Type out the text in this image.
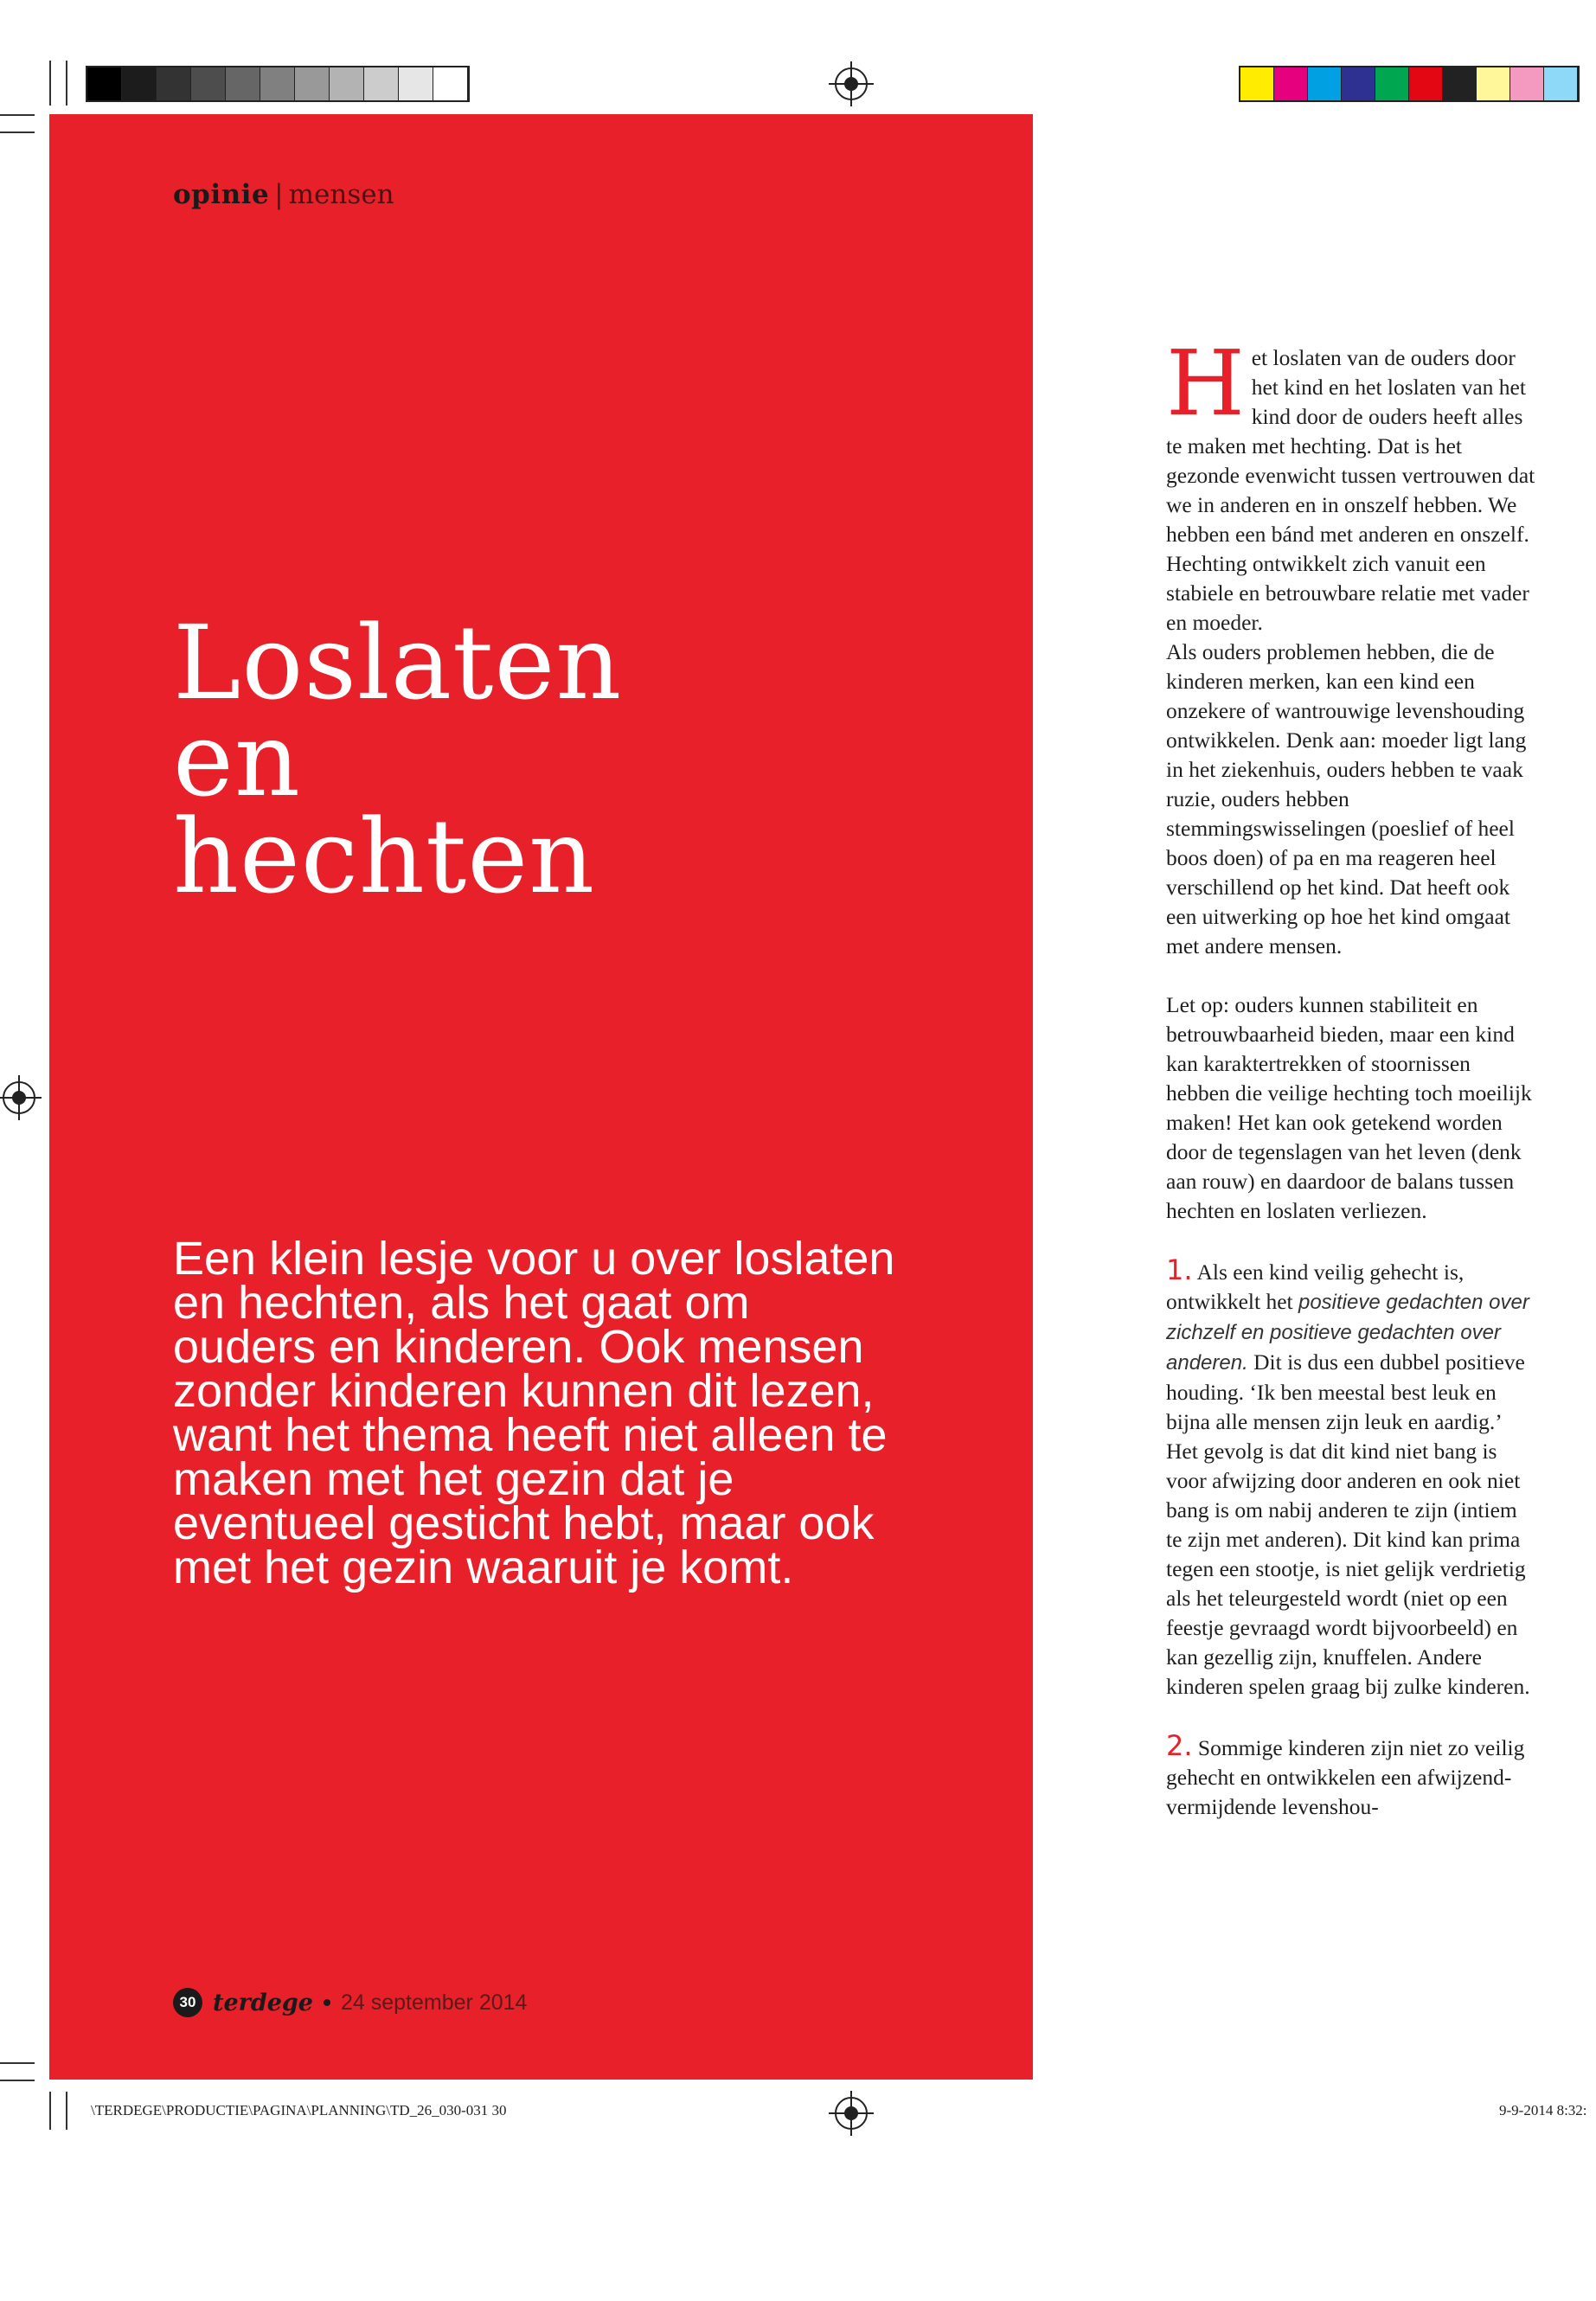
opinie | mensen
Loslaten
en
hechten
Een klein lesje voor u over loslaten en hechten, als het gaat om ouders en kinderen. Ook mensen zonder kinderen kunnen dit lezen, want het thema heeft niet alleen te maken met het gezin dat je eventueel gesticht hebt, maar ook met het gezin waaruit je komt.
30 terdege 24 september 2014

Het loslaten van de ouders door het kind en het loslaten van het kind door de ouders heeft alles te maken met hechting. Dat is het gezonde evenwicht tussen vertrouwen dat we in anderen en in onszelf hebben. We hebben een bánd met anderen en onszelf. Hechting ontwikkelt zich vanuit een stabiele en betrouwbare relatie met vader en moeder.

Als ouders problemen hebben, die de kinderen merken, kan een kind een onzekere of wantrouwige levenshouding ontwikkelen. Denk aan: moeder ligt lang in het ziekenhuis, ouders hebben te vaak ruzie, ouders hebben stemmingswisselingen (poeslief of heel boos doen) of pa en ma reageren heel verschillend op het kind. Dat heeft ook een uitwerking op hoe het kind omgaat met andere mensen.

Let op: ouders kunnen stabiliteit en betrouwbaarheid bieden, maar een kind kan karaktertrekken of stoornissen hebben die veilige hechting toch moeilijk maken! Het kan ook getekend worden door de tegenslagen van het leven (denk aan rouw) en daardoor de balans tussen hechten en loslaten verliezen.

1. Als een kind veilig gehecht is, ontwikkelt het positieve gedachten over zichzelf en positieve gedachten over anderen. Dit is dus een dubbel positieve houding. ‘Ik ben meestal best leuk en bijna alle mensen zijn leuk en aardig.’ Het gevolg is dat dit kind niet bang is voor afwijzing door anderen en ook niet bang is om nabij anderen te zijn (intiem te zijn met anderen). Dit kind kan prima tegen een stootje, is niet gelijk verdrietig als het teleurgesteld wordt (niet op een feestje gevraagd wordt bijvoorbeeld) en kan gezellig zijn, knuffelen. Andere kinderen spelen graag bij zulke kinderen.

2. Sommige kinderen zijn niet zo veilig gehecht en ontwikkelen een afwijzend-vermijdende levenshou-

\TERDEGE\PRODUCTIE\PAGINA\PLANNING\TD_26_030-031 30	9-9-2014 8:32:
